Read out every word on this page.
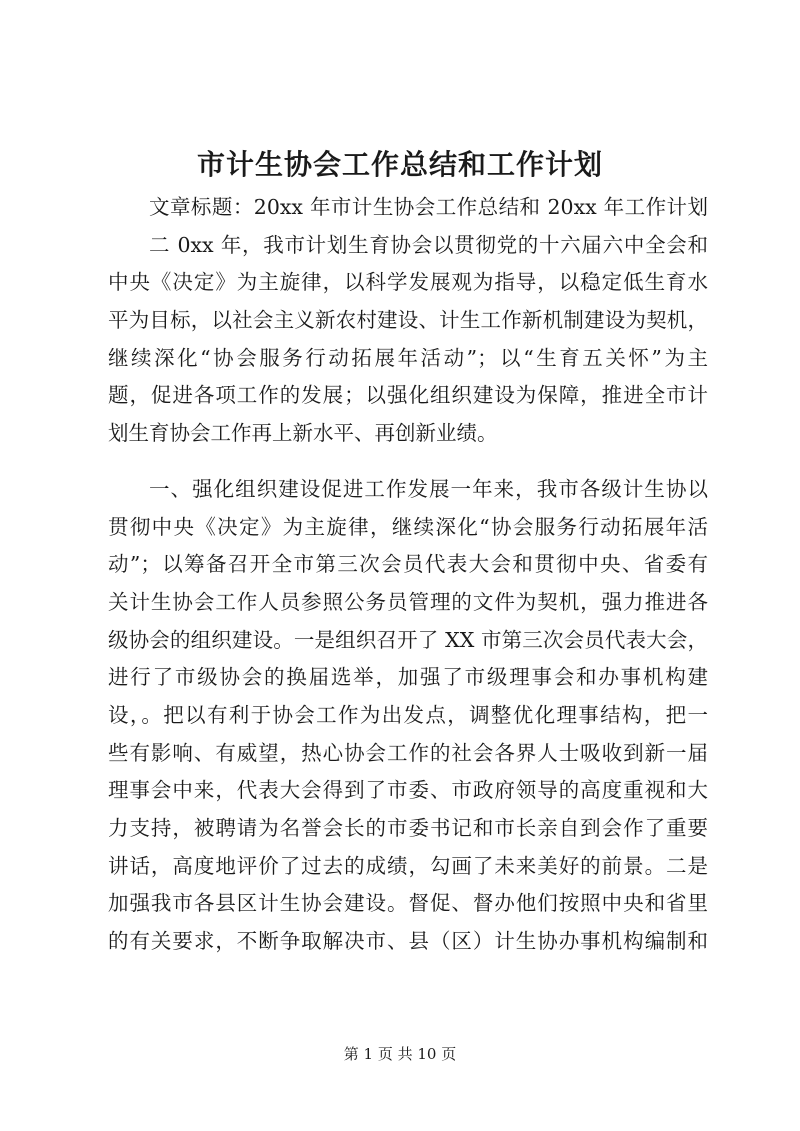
市计生协会工作总结和工作计划
文章标题：20xx 年市计生协会工作总结和 20xx 年工作计划
二 0xx 年，我市计划生育协会以贯彻党的十六届六中全会和
中央《决定》为主旋律，以科学发展观为指导，以稳定低生育水
平为目标，以社会主义新农村建设、计生工作新机制建设为契机，
继续深化“协会服务行动拓展年活动”；以“生育五关怀”为主
题，促进各项工作的发展；以强化组织建设为保障，推进全市计
划生育协会工作再上新水平、再创新业绩。
一、强化组织建设促进工作发展一年来，我市各级计生协以
贯彻中央《决定》为主旋律，继续深化“协会服务行动拓展年活
动”；以筹备召开全市第三次会员代表大会和贯彻中央、省委有
关计生协会工作人员参照公务员管理的文件为契机，强力推进各
级协会的组织建设。一是组织召开了 XX 市第三次会员代表大会，
进行了市级协会的换届选举，加强了市级理事会和办事机构建
设，。把以有利于协会工作为出发点，调整优化理事结构，把一
些有影响、有威望，热心协会工作的社会各界人士吸收到新一届
理事会中来，代表大会得到了市委、市政府领导的高度重视和大
力支持，被聘请为名誉会长的市委书记和市长亲自到会作了重要
讲话，高度地评价了过去的成绩，勾画了未来美好的前景。二是
加强我市各县区计生协会建设。督促、督办他们按照中央和省里
的有关要求，不断争取解决市、县（区）计生协办事机构编制和
第 1 页 共 10 页
